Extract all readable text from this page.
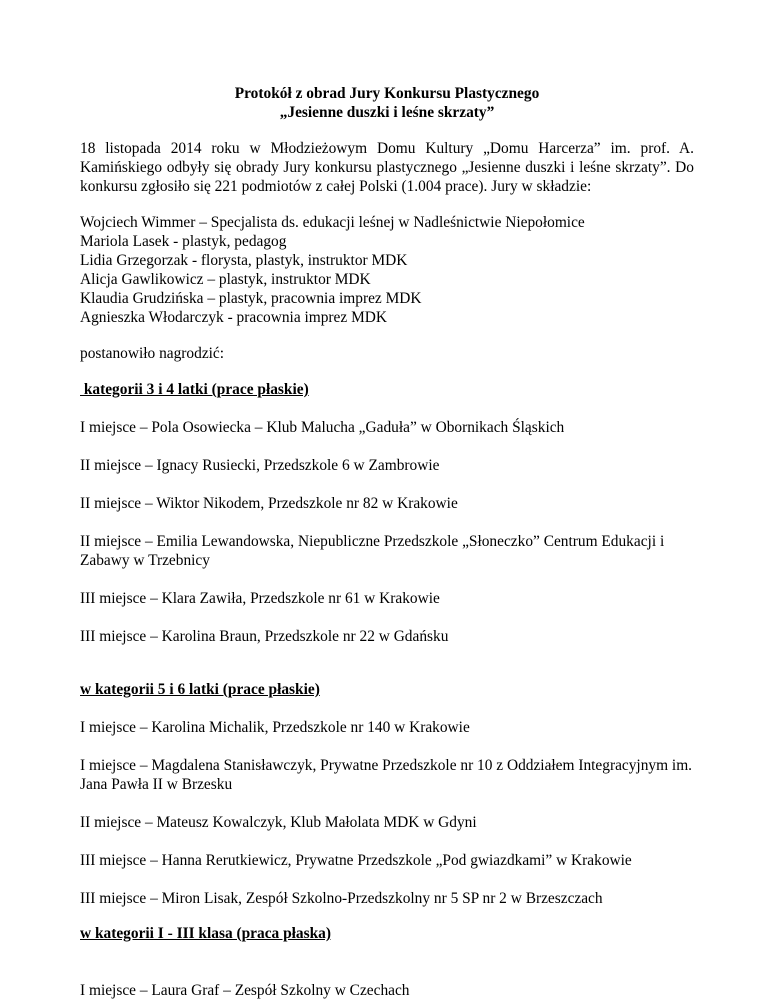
Protokół z obrad Jury Konkursu Plastycznego

„Jesienne duszki i leśne skrzaty”

18 listopada 2014 roku w Młodzieżowym Domu Kultury „Domu Harcerza” im. prof. A. Kamińskiego odbyły się obrady Jury konkursu plastycznego „Jesienne duszki i leśne skrzaty”. Do konkursu zgłosiło się 221 podmiotów z całej Polski (1.004 prace). Jury w składzie:

Wojciech Wimmer – Specjalista ds. edukacji leśnej w Nadleśnictwie Niepołomice
Mariola Lasek - plastyk, pedagog
Lidia Grzegorzak - florysta, plastyk, instruktor MDK
Alicja Gawlikowicz – plastyk, instruktor MDK
Klaudia Grudzińska – plastyk, pracownia imprez MDK
Agnieszka Włodarczyk - pracownia imprez MDK

postanowiło nagrodzić:

kategorii 3 i 4 latki (prace płaskie)

I miejsce – Pola Osowiecka – Klub Malucha „Gaduła” w Obornikach Śląskich

II miejsce – Ignacy Rusiecki, Przedszkole 6 w Zambrowie

II miejsce – Wiktor Nikodem, Przedszkole nr 82 w Krakowie

II miejsce – Emilia Lewandowska, Niepubliczne Przedszkole „Słoneczko” Centrum Edukacji i Zabawy w Trzebnicy

III miejsce – Klara Zawiła, Przedszkole nr 61 w Krakowie

III miejsce – Karolina Braun, Przedszkole nr 22 w Gdańsku

w kategorii 5 i 6 latki (prace płaskie)

I miejsce – Karolina Michalik, Przedszkole nr 140 w Krakowie

I miejsce – Magdalena Stanisławczyk, Prywatne Przedszkole nr 10 z Oddziałem Integracyjnym im. Jana Pawła II w Brzesku

II miejsce – Mateusz Kowalczyk, Klub Małolata MDK w Gdyni

III miejsce – Hanna Rerutkiewicz, Prywatne Przedszkole „Pod gwiazdkami” w Krakowie

III miejsce – Miron Lisak, Zespół Szkolno-Przedszkolny nr 5 SP nr 2 w Brzeszczach

w kategorii I - III klasa (praca płaska)

I miejsce – Laura Graf – Zespół Szkolny w Czechach
